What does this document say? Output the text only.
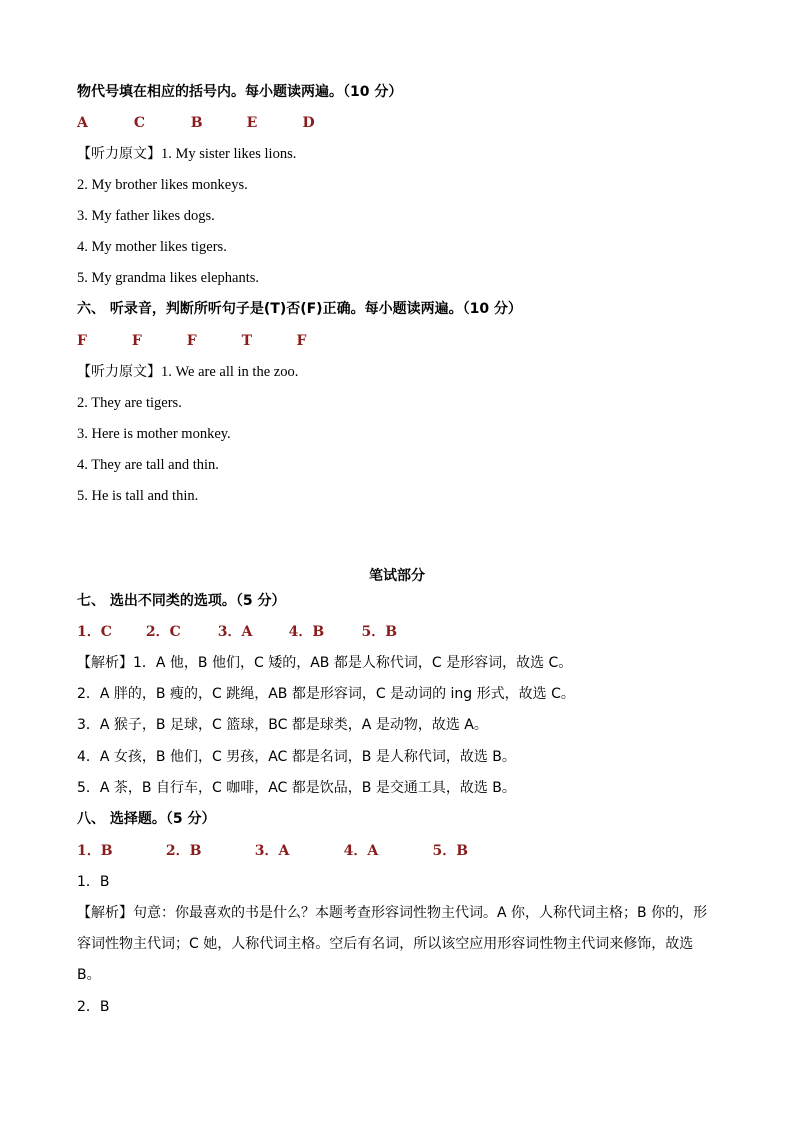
物代号填在相应的括号内。每小题读两遍。（10 分）
A	C	B	E	D
【听力原文】1. My sister likes lions.
2. My brother likes monkeys.
3. My father likes dogs.
4. My mother likes tigers.
5. My grandma likes elephants.
六、 听录音，判断所听句子是(T)否(F)正确。每小题读两遍。（10 分）
F	F	F	T	F
【听力原文】1. We are all in the zoo.
2. They are tigers.
3. Here is mother monkey.
4. They are tall and thin.
5. He is tall and thin.
笔试部分
七、 选出不同类的选项。（5 分）
1．C 2．C	3．A	4．B	5．B
【解析】1．A 他，B 他们，C 矮的，AB 都是人称代词，C 是形容词，故选 C。
2．A 胖的，B 瘦的，C 跳绳，AB 都是形容词，C 是动词的 ing 形式，故选 C。
3．A 猴子，B 足球，C 篮球，BC 都是球类，A 是动物，故选 A。
4．A 女孩，B 他们，C 男孩，AC 都是名词，B 是人称代词，故选 B。
5．A 茶，B 自行车，C 咖啡，AC 都是饮品，B 是交通工具，故选 B。
八、 选择题。（5 分）
1．B	2．B	3．A	4．A	5．B
1．B
【解析】句意：你最喜欢的书是什么？本题考查形容词性物主代词。A 你，人称代词主格；B 你的，形容词性物主代词；C 她，人称代词主格。空后有名词，所以该空应用形容词性物主代词来修饰，故选 B。
2．B
